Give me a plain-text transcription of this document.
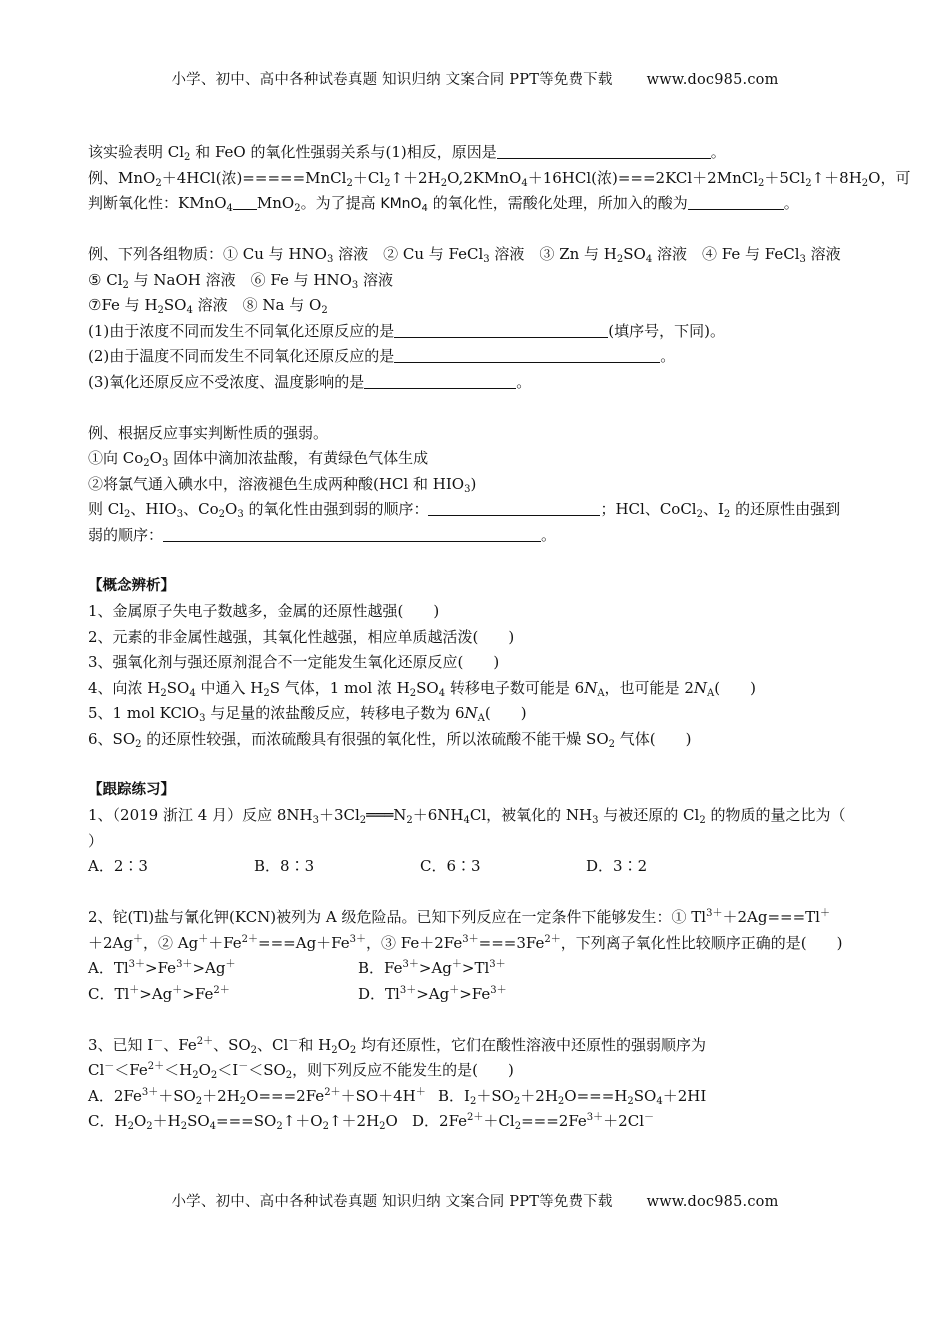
小学、初中、高中各种试卷真题 知识归纳 文案合同 PPT等免费下载 www.doc985.com
该实验表明 $Cl_2$ 和 FeO 的氧化性强弱关系与(1)相反，原因是	。
例、MnO$_2$＋4HCl(浓)$=====MnCl_2+Cl_2↑+2H_2O,2KMnO_4+16HCl$(浓)$===2KCl+2MnCl_2+5Cl_2↑+8H_2O$，可
判断氧化性：KMnO$_4$ MnO$_2$。为了提高 KMnO$_4$ 的氧化性，需酸化处理，所加入的酸为	。
例、下列各组物质：① Cu 与 $HNO_3$ 溶液　② Cu 与 FeCl$_3$ 溶液　③ Zn 与 $H_2SO_4$ 溶液　④ Fe 与 FeCl$_3$ 溶液
⑤ $Cl_2$ 与 NaOH 溶液　⑥ Fe 与 $HNO_3$ 溶液
⑦Fe 与 $H_2SO_4$ 溶液　⑧ Na 与 $O_2$
(1)由于浓度不同而发生不同氧化还原反应的是	(填序号，下同)。
(2)由于温度不同而发生不同氧化还原反应的是	。
(3)氧化还原反应不受浓度、温度影响的是	。
例、根据反应事实判断性质的强弱。
①向 $Co_2O_3$ 固体中滴加浓盐酸，有黄绿色气体生成
②将氯气通入碘水中，溶液褪色生成两种酸(HCl 和 $HIO_3$)
则 $Cl_2$、$HIO_3$、$Co_2O_3$ 的氧化性由强到弱的顺序：	；HCl、CoCl$_2$、$I_2$ 的还原性由强到
弱的顺序：	。
【概念辨析】
1、金属原子失电子数越多，金属的还原性越强(　　)
2、元素的非金属性越强，其氧化性越强，相应单质越活泼(　　)
3、强氧化剂与强还原剂混合不一定能发生氧化还原反应(　　)
4、向浓 $H_2SO_4$ 中通入 $H_2S$ 气体，1 mol 浓 $H_2SO_4$ 转移电子数可能是 $6N_A$，也可能是 $2N_A$(　　)
5、1 mol KClO$_3$ 与足量的浓盐酸反应，转移电子数为 $6N_A$(　　)
6、$SO_2$ 的还原性较强，而浓硫酸具有很强的氧化性，所以浓硫酸不能干燥 $SO_2$ 气体(　　)
【跟踪练习】
1、（2019 浙江 4 月）反应 $8NH_3+3Cl_2═══N_2+6NH_4Cl$，被氧化的 $NH_3$ 与被还原的 $Cl_2$ 的物质的量之比为（
）
A．2∶3	B．8∶3	C．6∶3	D．3∶2
2、铊(Tl)盐与氰化钾(KCN)被列为 A 级危险品。已知下列反应在一定条件下能够发生：① $Tl^{3+}+2Ag===Tl^+$
＋2Ag＋，② $Ag^++Fe^{2+}===Ag+Fe^{3+}$，③ $Fe+2Fe^{3+}===3Fe^{2+}$，下列离子氧化性比较顺序正确的是(　　)
A．$Tl^{3+}>Fe^{3+}>Ag^+$	B．$Fe^{3+}>Ag^+>Tl^{3+}$
C．$Tl^+>Ag^+>Fe^{2+}$	D．$Tl^{3+}>Ag^+>Fe^{3+}$
3、已知 I－、$Fe^{2+}$、$SO_2$、Cl－和 $H_2O_2$ 均有还原性，它们在酸性溶液中还原性的强弱顺序为
$Cl^-<Fe^{2+}<H_2O_2<I^-<SO_2$，则下列反应不能发生的是(　　)
A．$2Fe^{3+}+SO_2+2H_2O===2Fe^{2+}+SO+4H^+$ B．$I_2+SO_2+2H_2O===H_2SO_4+2HI$
C．$H_2O_2+H_2SO_4===SO_2↑+O_2↑+2H_2O$ D．$2Fe^{2+}+Cl_2===2Fe^{3+}+2Cl^-$
小学、初中、高中各种试卷真题 知识归纳 文案合同 PPT等免费下载 www.doc985.com
